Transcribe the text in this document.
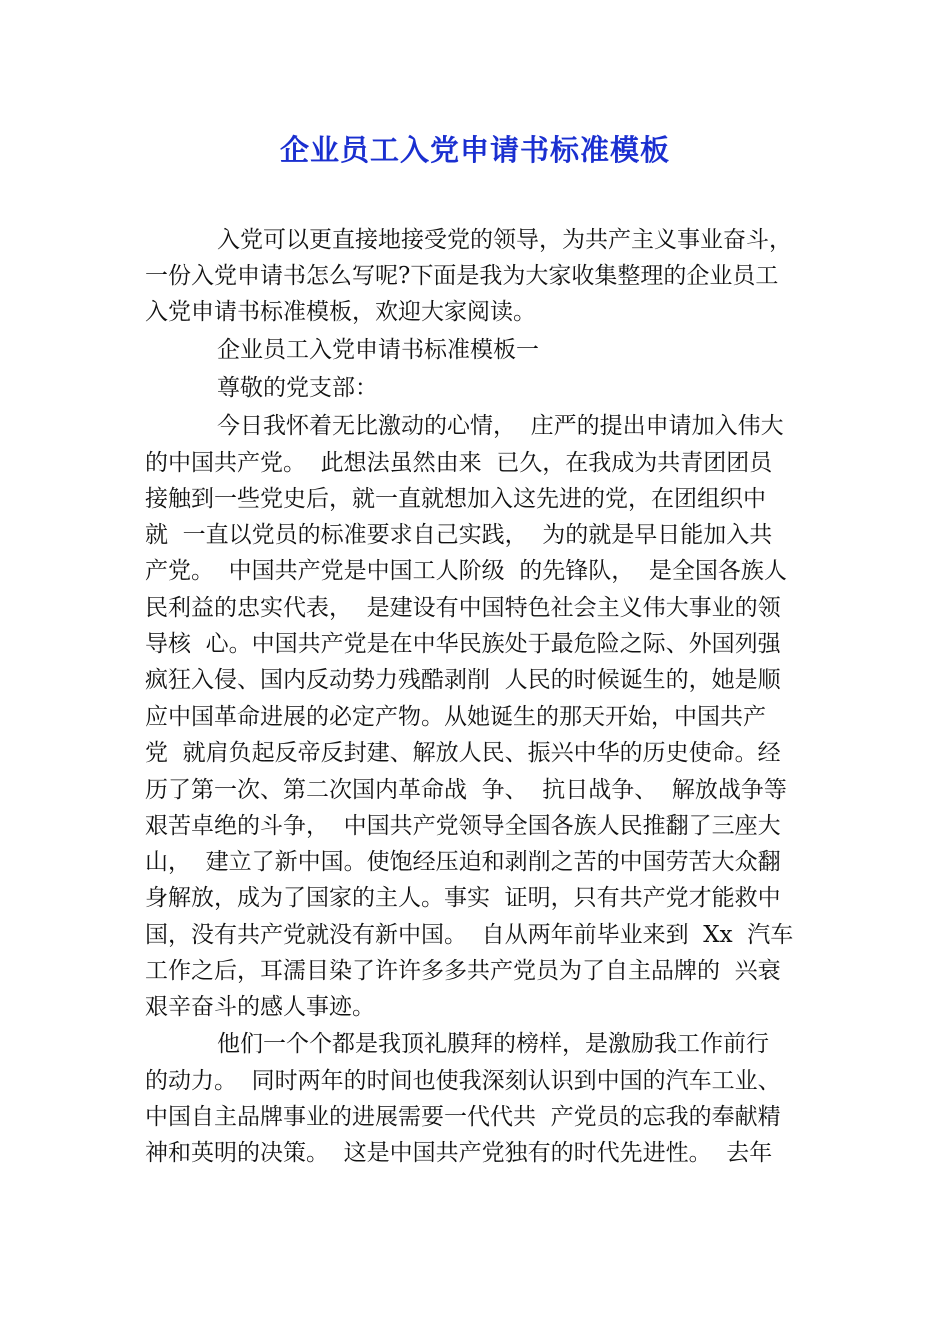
企业员工入党申请书标准模板
入党可以更直接地接受党的领导，为共产主义事业奋斗，
一份入党申请书怎么写呢?下面是我为大家收集整理的企业员工
入党申请书标准模板，欢迎大家阅读。
企业员工入党申请书标准模板一
尊敬的党支部：
今日我怀着无比激动的心情，  庄严的提出申请加入伟大
的中国共产党。  此想法虽然由来  已久，在我成为共青团团员
接触到一些党史后，就一直就想加入这先进的党，在团组织中
就  一直以党员的标准要求自己实践，  为的就是早日能加入共
产党。  中国共产党是中国工人阶级  的先锋队，  是全国各族人
民利益的忠实代表，  是建设有中国特色社会主义伟大事业的领
导核  心。中国共产党是在中华民族处于最危险之际、外国列强
疯狂入侵、国内反动势力残酷剥削  人民的时候诞生的，她是顺
应中国革命进展的必定产物。从她诞生的那天开始，中国共产
党  就肩负起反帝反封建、解放人民、振兴中华的历史使命。经
历了第一次、第二次国内革命战  争、  抗日战争、  解放战争等
艰苦卓绝的斗争，  中国共产党领导全国各族人民推翻了三座大
山，  建立了新中国。使饱经压迫和剥削之苦的中国劳苦大众翻
身解放，成为了国家的主人。事实  证明，只有共产党才能救中
国，没有共产党就没有新中国。  自从两年前毕业来到  Xx  汽车
工作之后，耳濡目染了许许多多共产党员为了自主品牌的  兴衰
艰辛奋斗的感人事迹。
他们一个个都是我顶礼膜拜的榜样，是激励我工作前行
的动力。  同时两年的时间也使我深刻认识到中国的汽车工业、
中国自主品牌事业的进展需要一代代共  产党员的忘我的奉献精
神和英明的决策。  这是中国共产党独有的时代先进性。  去年
